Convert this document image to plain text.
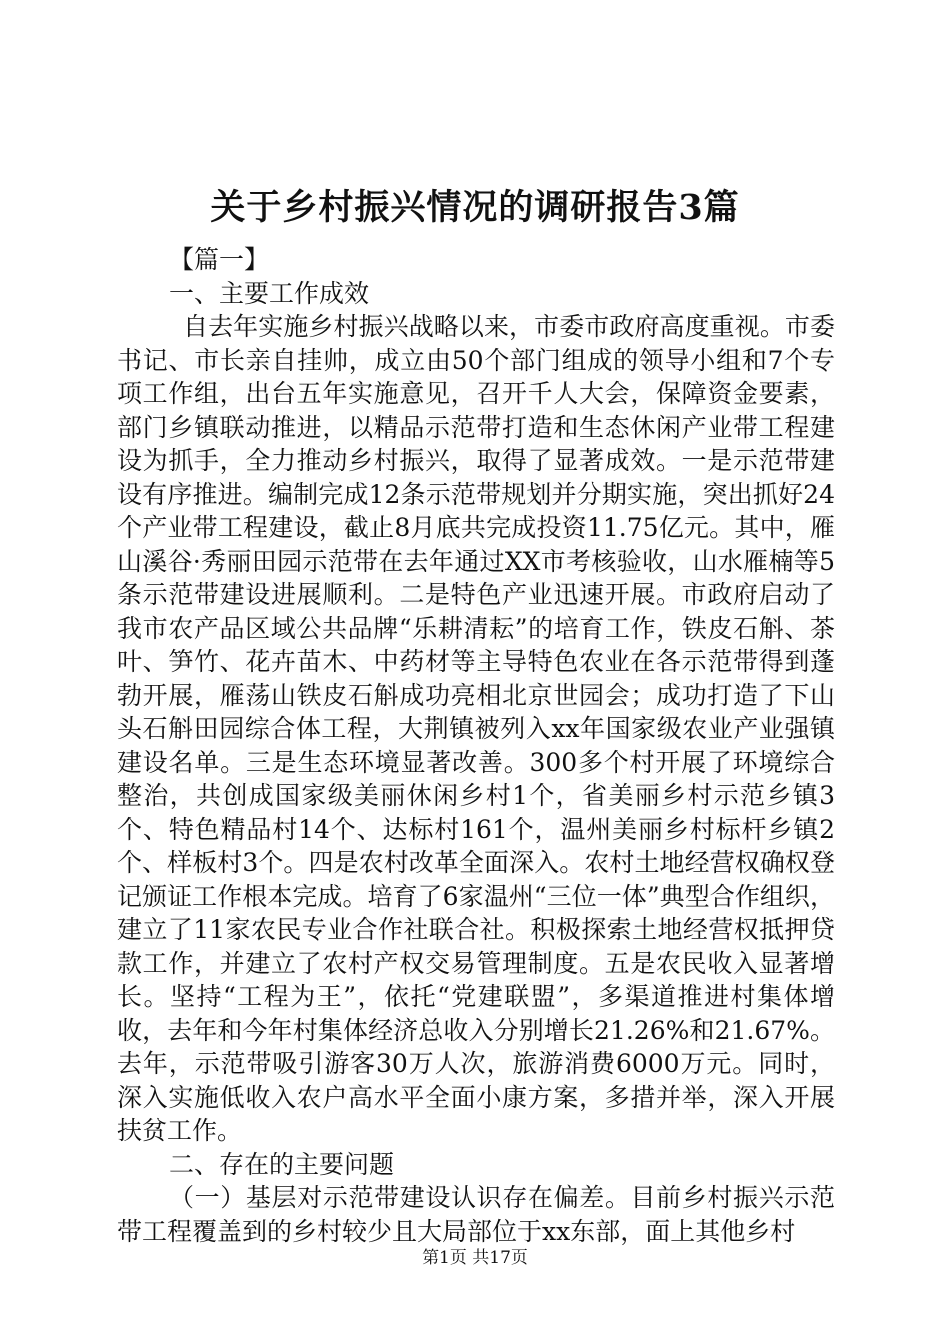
关于乡村振兴情况的调研报告3篇

【篇一】

一、主要工作成效

自去年实施乡村振兴战略以来，市委市政府高度重视。市委书记、市长亲自挂帅，成立由50个部门组成的领导小组和7个专项工作组，出台五年实施意见，召开千人大会，保障资金要素，部门乡镇联动推进，以精品示范带打造和生态休闲产业带工程建设为抓手，全力推动乡村振兴，取得了显著成效。一是示范带建设有序推进。编制完成12条示范带规划并分期实施，突出抓好24个产业带工程建设，截止8月底共完成投资11.75亿元。其中，雁山溪谷·秀丽田园示范带在去年通过XX市考核验收，山水雁楠等5条示范带建设进展顺利。二是特色产业迅速开展。市政府启动了我市农产品区域公共品牌“乐耕清耘”的培育工作，铁皮石斛、茶叶、笋竹、花卉苗木、中药材等主导特色农业在各示范带得到蓬勃开展，雁荡山铁皮石斛成功亮相北京世园会；成功打造了下山头石斛田园综合体工程，大荆镇被列入xx年国家级农业产业强镇建设名单。三是生态环境显著改善。300多个村开展了环境综合整治，共创成国家级美丽休闲乡村1个，省美丽乡村示范乡镇3个、特色精品村14个、达标村161个，温州美丽乡村标杆乡镇2个、样板村3个。四是农村改革全面深入。农村土地经营权确权登记颁证工作根本完成。培育了6家温州“三位一体”典型合作组织，建立了11家农民专业合作社联合社。积极探索土地经营权抵押贷款工作，并建立了农村产权交易管理制度。五是农民收入显著增长。坚持“工程为王”，依托“党建联盟”，多渠道推进村集体增收，去年和今年村集体经济总收入分别增长21.26%和21.67%。去年，示范带吸引游客30万人次，旅游消费6000万元。同时，深入实施低收入农户高水平全面小康方案，多措并举，深入开展扶贫工作。

二、存在的主要问题

（一）基层对示范带建设认识存在偏差。目前乡村振兴示范带工程覆盖到的乡村较少且大局部位于xx东部，面上其他乡村

第1页 共17页
